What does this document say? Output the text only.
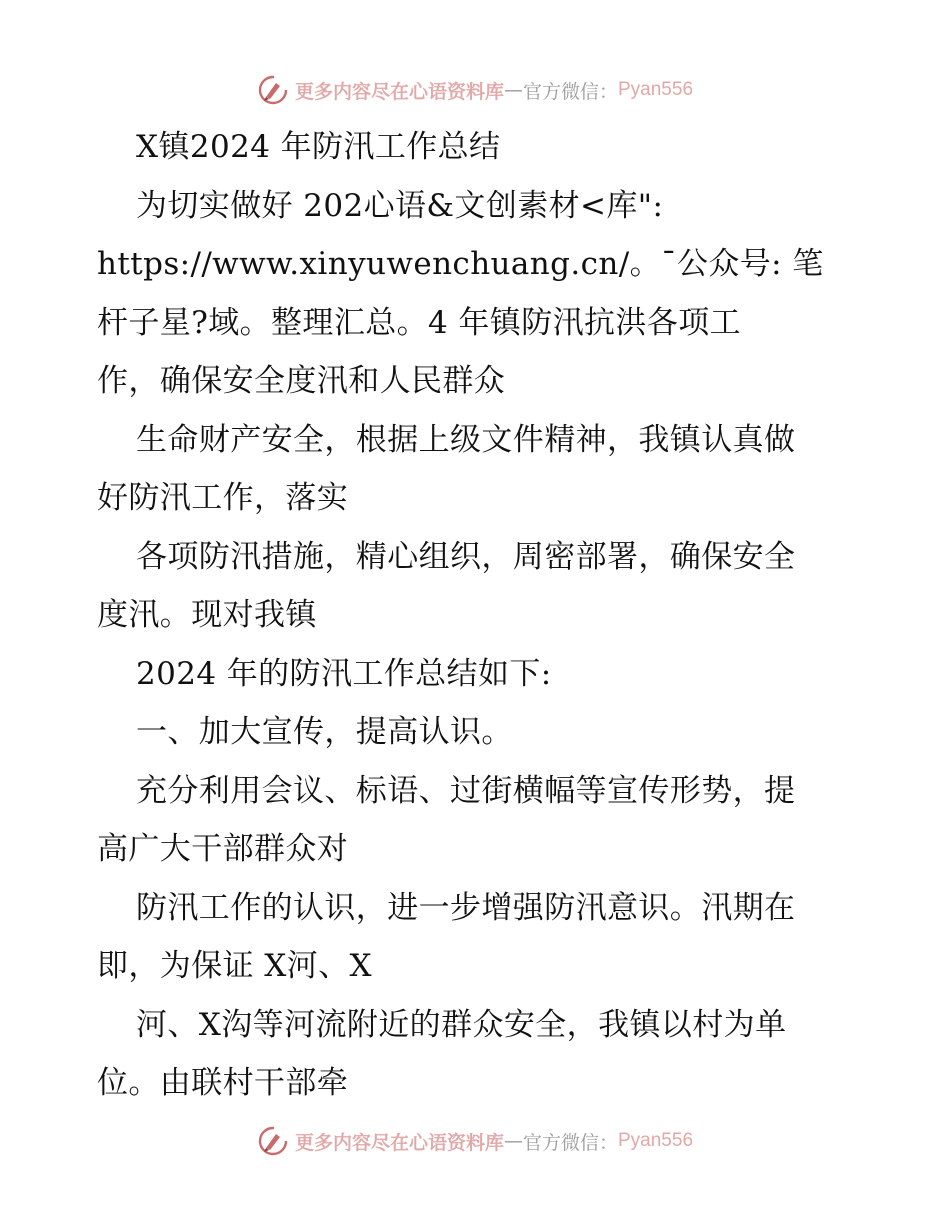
更多内容尽在心语资料库 — 官方微信： Pyan556

X镇2024 年防汛工作总结

为切实做好 202心语&文创素材<库":

https://www.xinyuwenchuang.cn/。¯公众号: 笔

杆子星?域。整理汇总。4 年镇防汛抗洪各项工

作，确保安全度汛和人民群众

生命财产安全，根据上级文件精神，我镇认真做

好防汛工作，落实

各项防汛措施，精心组织，周密部署，确保安全

度汛。现对我镇

2024 年的防汛工作总结如下:

一、加大宣传，提高认识。

充分利用会议、标语、过街横幅等宣传形势，提

高广大干部群众对

防汛工作的认识，进一步增强防汛意识。汛期在

即，为保证 X河、X

河、X沟等河流附近的群众安全，我镇以村为单

位。由联村干部牵

更多内容尽在心语资料库 — 官方微信： Pyan556
